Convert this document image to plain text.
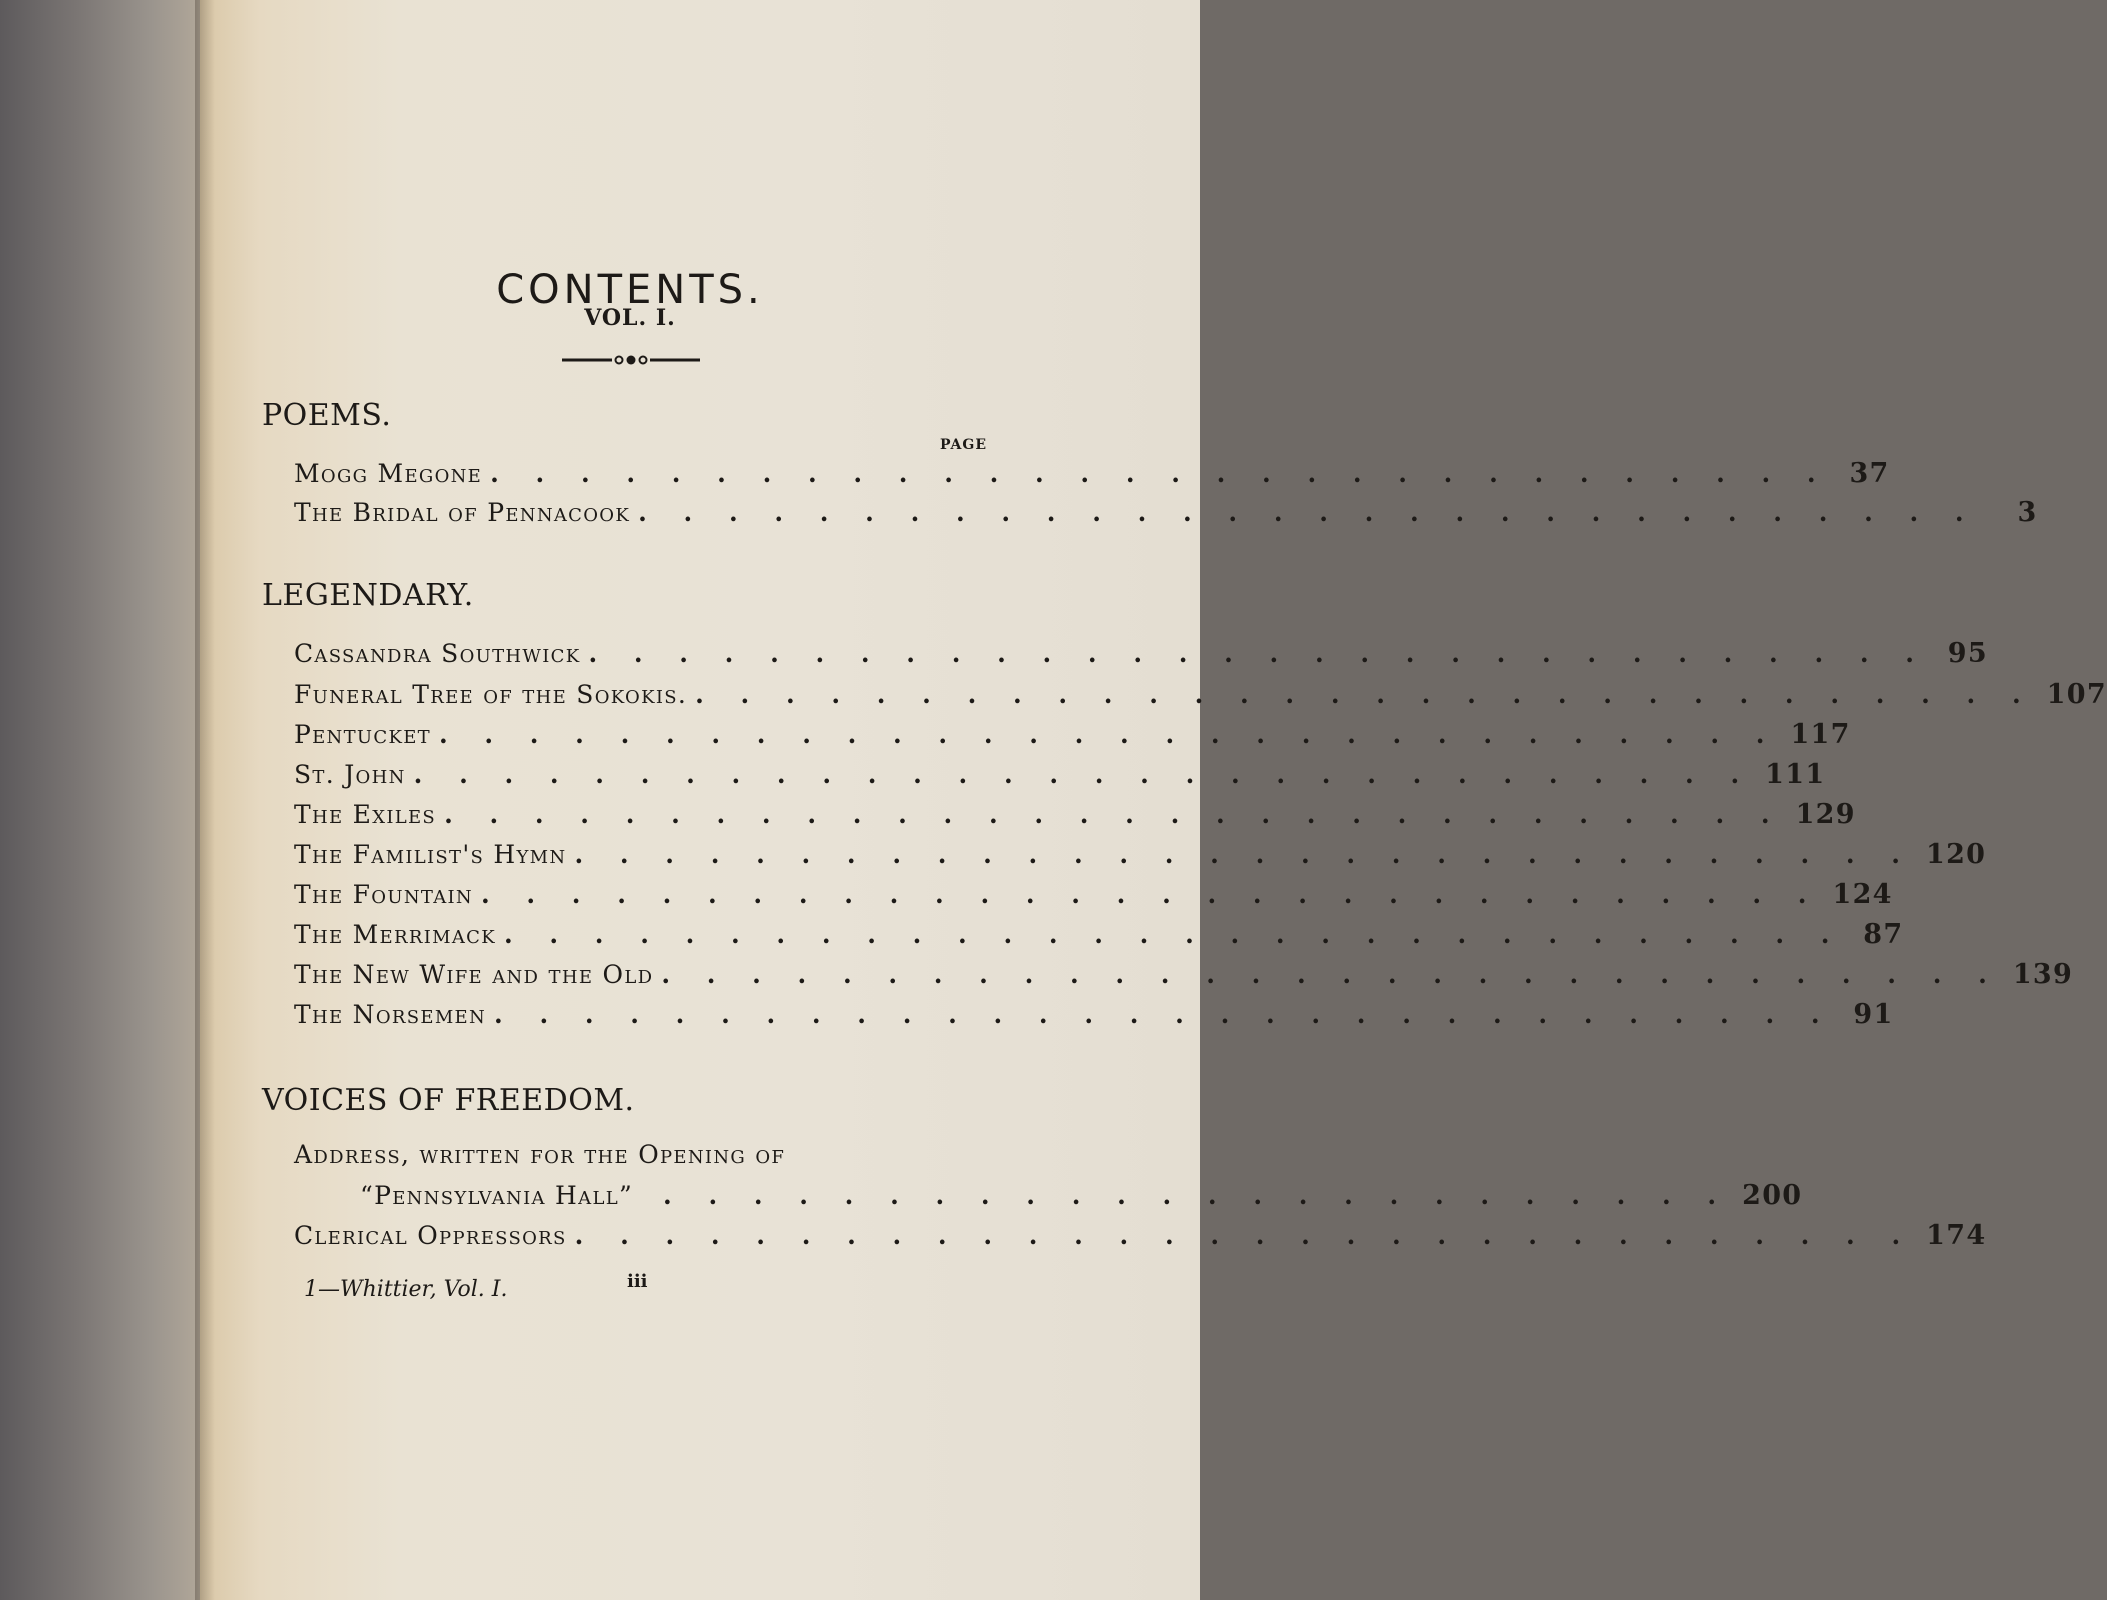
CONTENTS.
VOL. I.
POEMS.
PAGE
Mogg Megone . . . . . . . . . . . . . . . . . . . . . . . . . . . . . . 37
The Bridal of Pennacook . . . . . . . . . . . . . . . . . . . . . . . . . . . . . .	3
LEGENDARY.
Cassandra Southwick . . . . . . . . . . . . . . . . . . . . . . . . . . . . . . 95
Funeral Tree of the Sokokis. . . . . . . . . . . . . . . . . . . . . . . . . . . . . . . 107
Pentucket . . . . . . . . . . . . . . . . . . . . . . . . . . . . . . 117
St. John . . . . . . . . . . . . . . . . . . . . . . . . . . . . . . 111
The Exiles . . . . . . . . . . . . . . . . . . . . . . . . . . . . . . 129
The Familist's Hymn . . . . . . . . . . . . . . . . . . . . . . . . . . . . . . 120
The Fountain . . . . . . . . . . . . . . . . . . . . . . . . . . . . . . 124
The Merrimack . . . . . . . . . . . . . . . . . . . . . . . . . . . . . . 87
The New Wife and the Old . . . . . . . . . . . . . . . . . . . . . . . . . . . . . . 139
The Norsemen . . . . . . . . . . . . . . . . . . . . . . . . . . . . . . 91
VOICES OF FREEDOM.
Address, written for the Opening of
“Pennsylvania Hall” . . . . . . . . . . . . . . . . . . . . . . . . 200
Clerical Oppressors . . . . . . . . . . . . . . . . . . . . . . . . . . . . . . 174
1—Whittier, Vol. I.	iii
